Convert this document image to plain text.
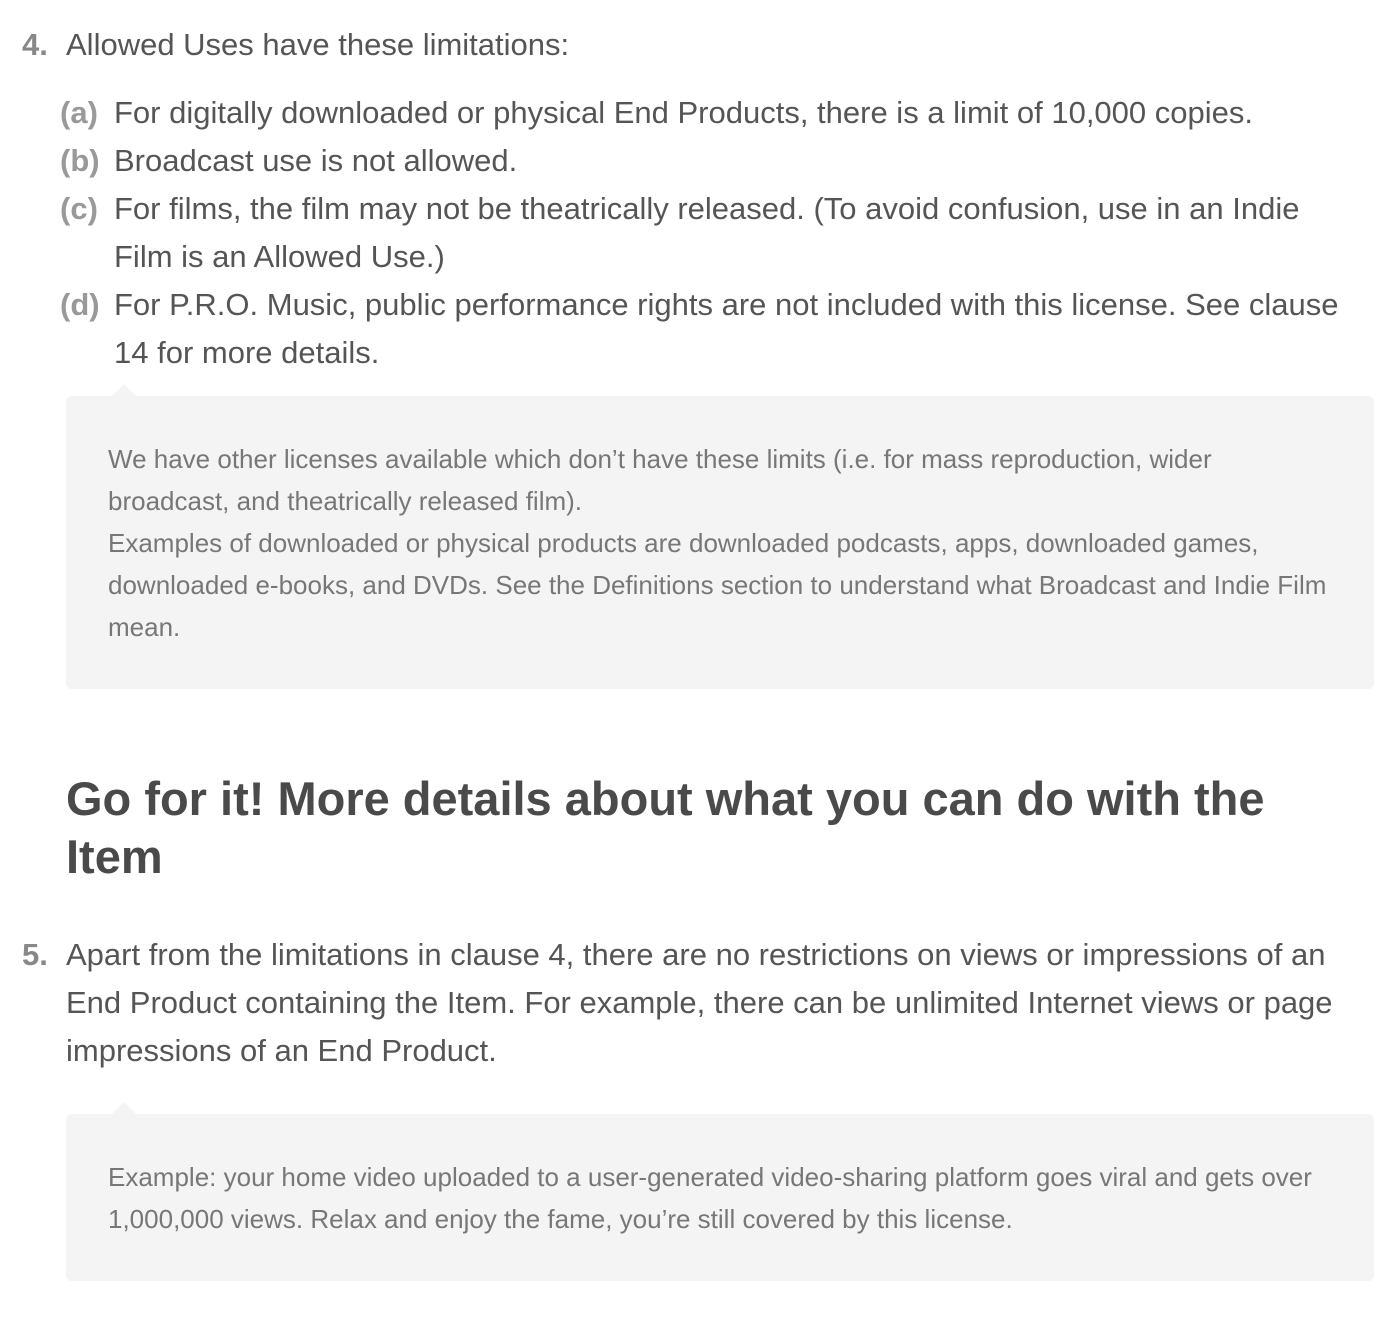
4. Allowed Uses have these limitations:
(a) For digitally downloaded or physical End Products, there is a limit of 10,000 copies.
(b) Broadcast use is not allowed.
(c) For films, the film may not be theatrically released. (To avoid confusion, use in an Indie Film is an Allowed Use.)
(d) For P.R.O. Music, public performance rights are not included with this license. See clause 14 for more details.

We have other licenses available which don’t have these limits (i.e. for mass reproduction, wider broadcast, and theatrically released film).

Examples of downloaded or physical products are downloaded podcasts, apps, downloaded games, downloaded e-books, and DVDs. See the Definitions section to understand what Broadcast and Indie Film mean.

Go for it! More details about what you can do with the Item
5. Apart from the limitations in clause 4, there are no restrictions on views or impressions of an End Product containing the Item. For example, there can be unlimited Internet views or page impressions of an End Product.

Example: your home video uploaded to a user-generated video-sharing platform goes viral and gets over 1,000,000 views. Relax and enjoy the fame, you’re still covered by this license.
